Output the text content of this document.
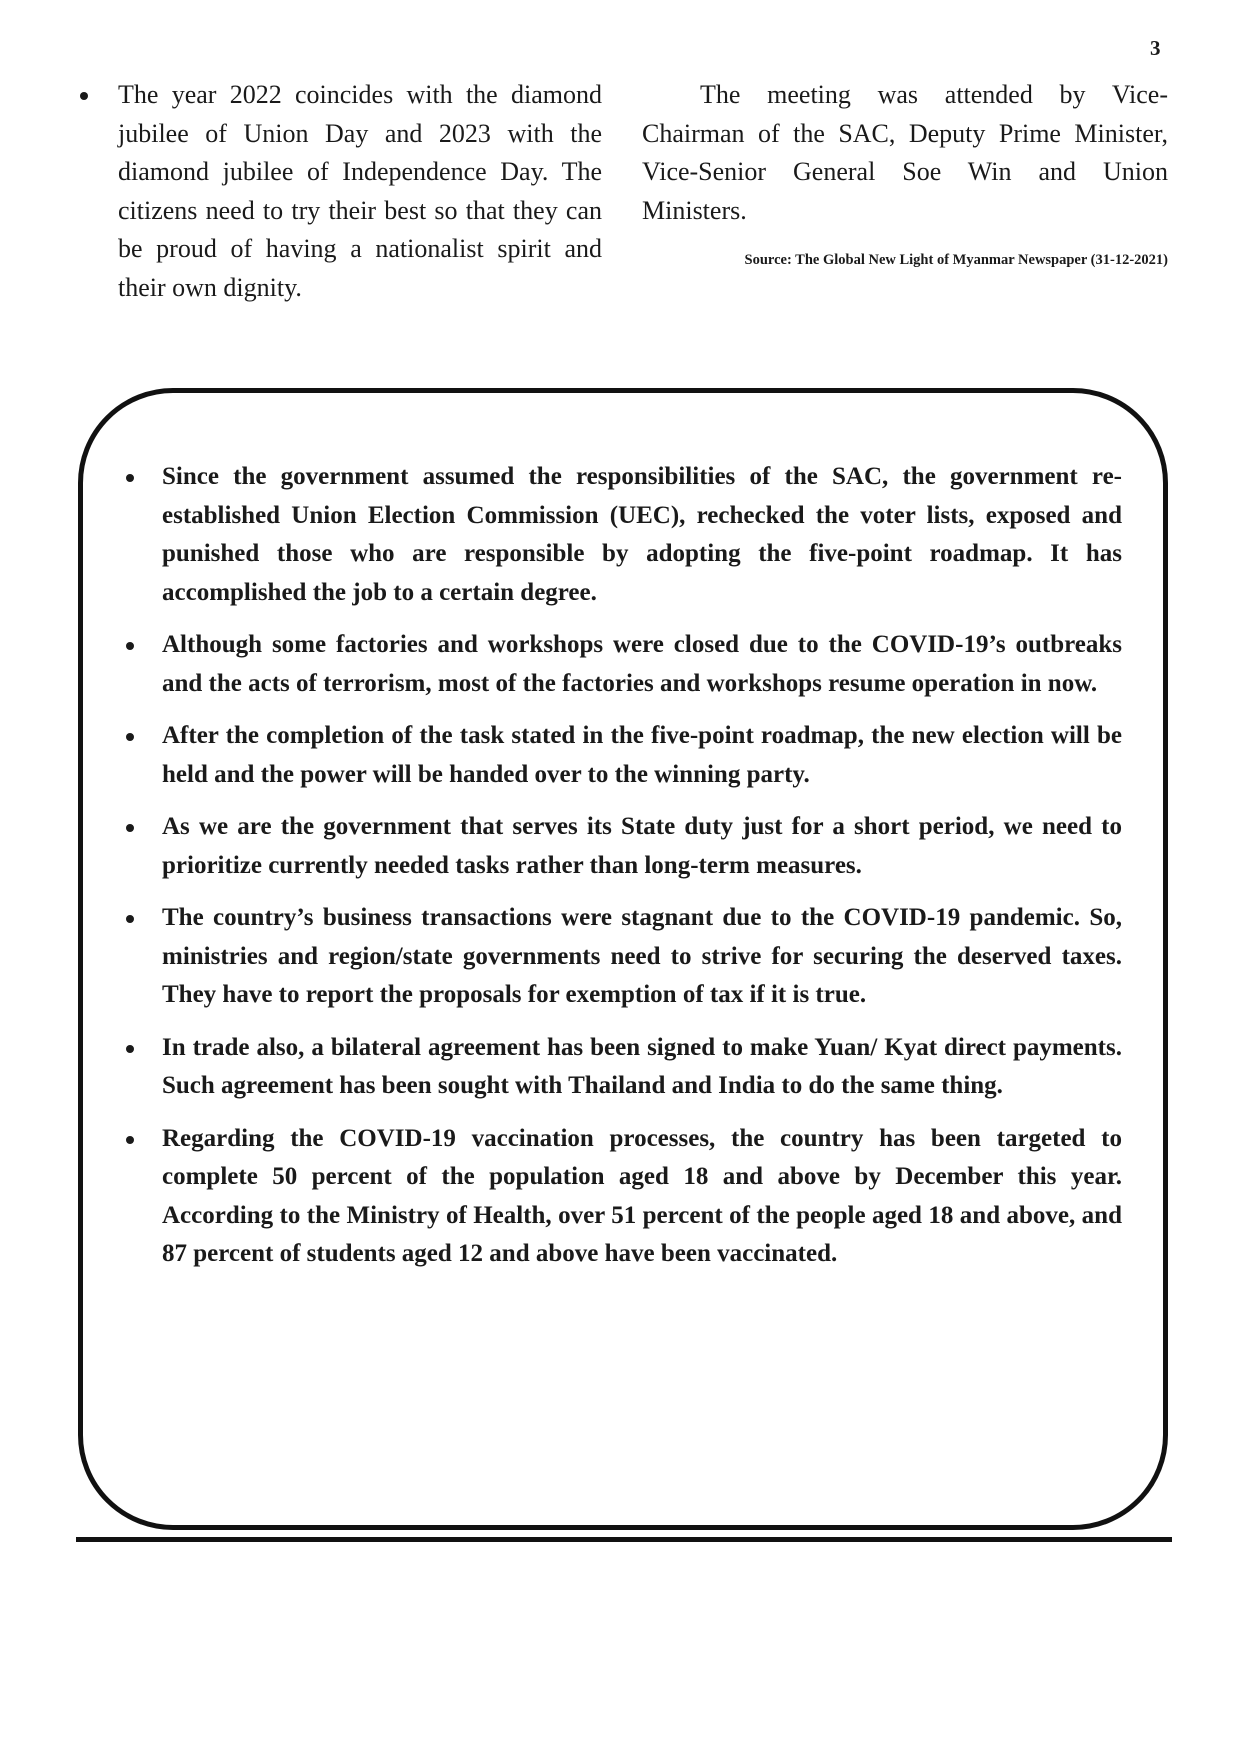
3
The year 2022 coincides with the diamond jubilee of Union Day and 2023 with the diamond jubilee of Independence Day. The citizens need to try their best so that they can be proud of having a nationalist spirit and their own dignity.

The meeting was attended by Vice-Chairman of the SAC, Deputy Prime Minister, Vice-Senior General Soe Win and Union Ministers.

Source: The Global New Light of Myanmar Newspaper (31-12-2021)
Since the government assumed the responsibilities of the SAC, the government re-established Union Election Commission (UEC), rechecked the voter lists, exposed and punished those who are responsible by adopting the five-point roadmap. It has accomplished the job to a certain degree.
Although some factories and workshops were closed due to the COVID-19’s outbreaks and the acts of terrorism, most of the factories and workshops resume operation in now.
After the completion of the task stated in the five-point roadmap, the new election will be held and the power will be handed over to the winning party.
As we are the government that serves its State duty just for a short period, we need to prioritize currently needed tasks rather than long-term measures.
The country’s business transactions were stagnant due to the COVID-19 pandemic. So, ministries and region/state governments need to strive for securing the deserved taxes. They have to report the proposals for exemption of tax if it is true.
In trade also, a bilateral agreement has been signed to make Yuan/ Kyat direct payments. Such agreement has been sought with Thailand and India to do the same thing.
Regarding the COVID-19 vaccination processes, the country has been targeted to complete 50 percent of the population aged 18 and above by December this year. According to the Ministry of Health, over 51 percent of the people aged 18 and above, and 87 percent of students aged 12 and above have been vaccinated.
